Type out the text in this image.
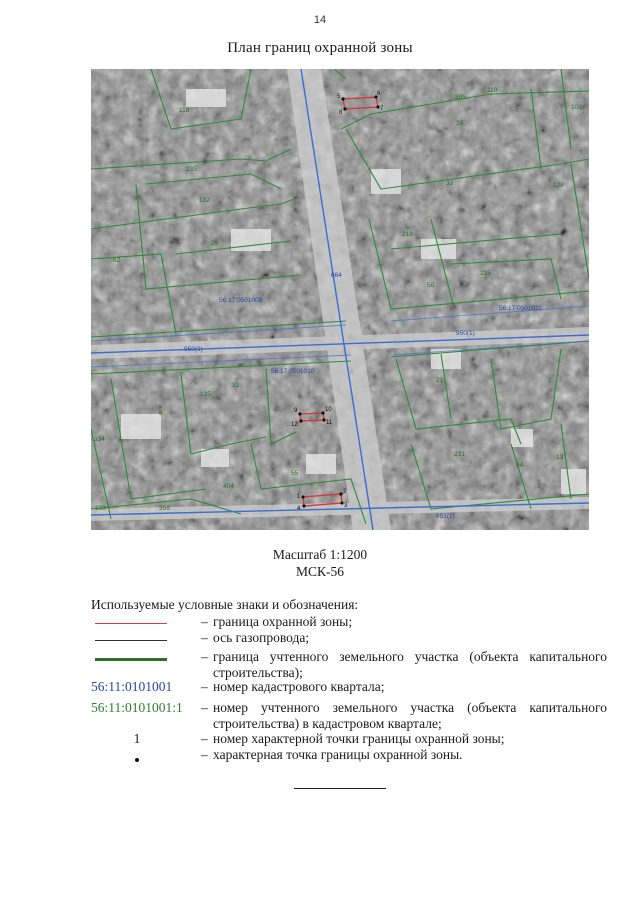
14
План границ охранной зоны
5	6
7
8
9	10
11
12
1
2
3
4
56:17:0501008
56:17:0501011
56:17:0501010
950(3)
950(1)
951(1)
664
118
235
132
29
62
305
110
108
33
33	128
218
50
235
32
135
6
334
55
404
133	356
21	2
231
94
13
Масштаб 1:1200
МСК-56
Используемые условные знаки и обозначения:
– граница охранной зоны;
– ось газопровода;
– граница учтенного земельного участка (объекта капитального строительства);
56:11:0101001	– номер кадастрового квартала;
56:11:0101001:1	– номер учтенного земельного участка (объекта капитального строительства) в кадастровом квартале;
1	– номер характерной точки границы охранной зоны;
– характерная точка границы охранной зоны.
